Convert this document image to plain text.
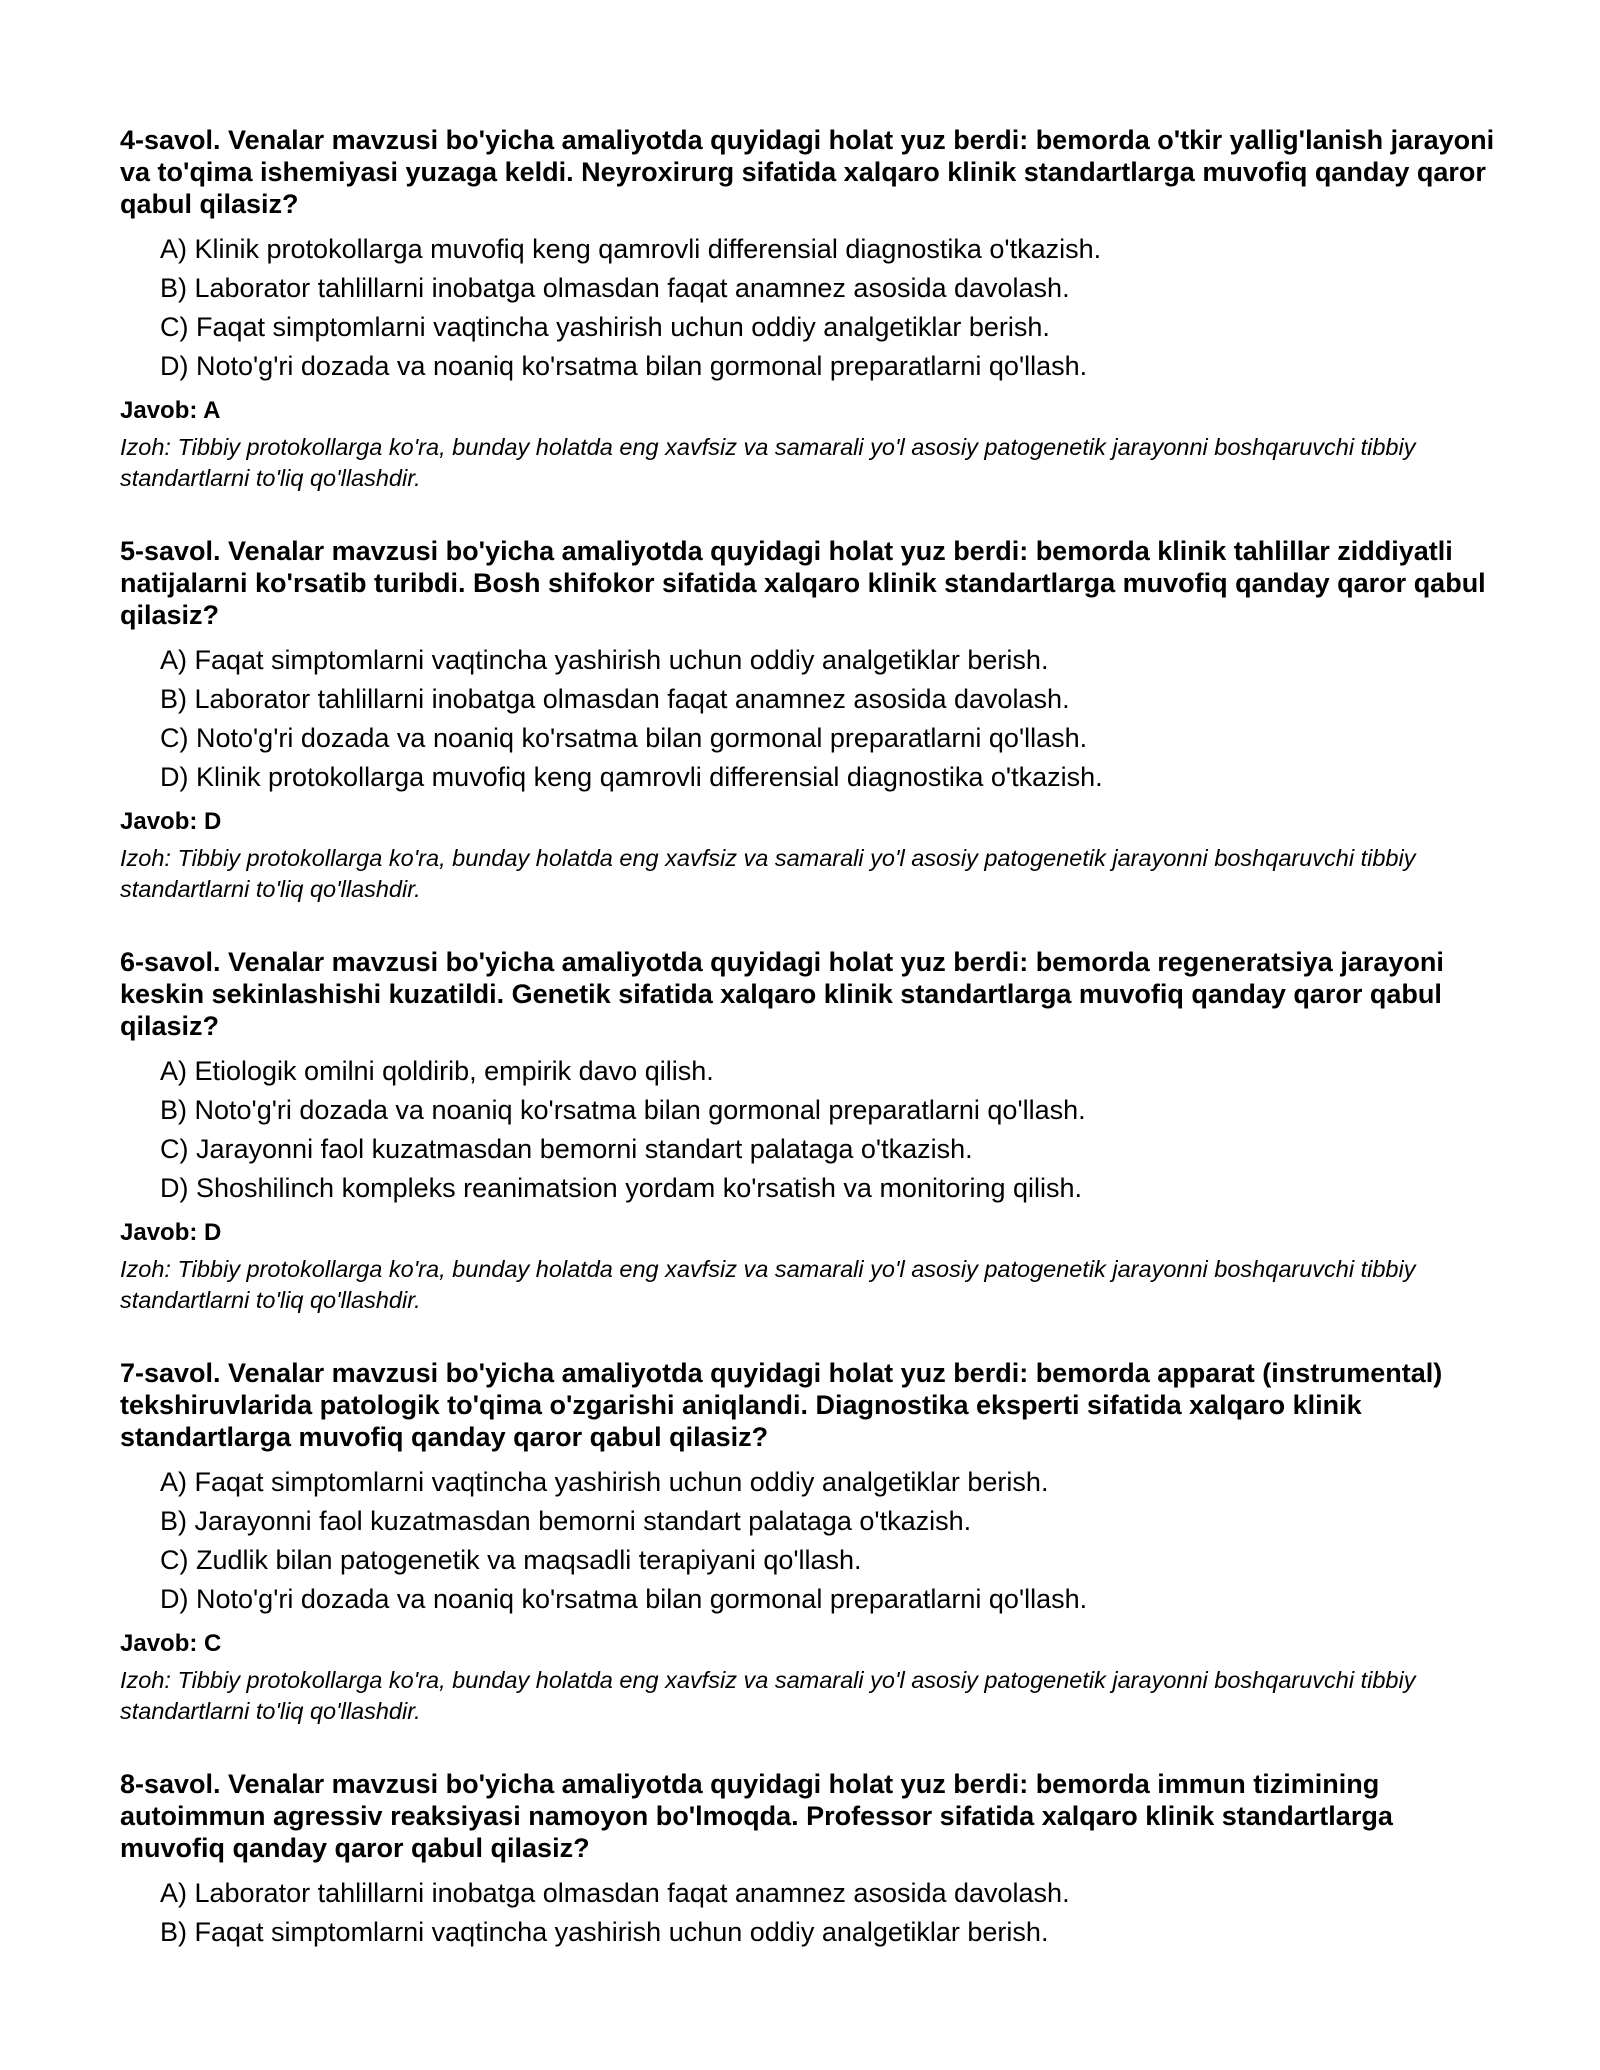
4-savol. Venalar mavzusi bo'yicha amaliyotda quyidagi holat yuz berdi: bemorda o'tkir yallig'lanish jarayoni va to'qima ishemiyasi yuzaga keldi. Neyroxirurg sifatida xalqaro klinik standartlarga muvofiq qanday qaror qabul qilasiz?
A) Klinik protokollarga muvofiq keng qamrovli differensial diagnostika o'tkazish.
B) Laborator tahlillarni inobatga olmasdan faqat anamnez asosida davolash.
C) Faqat simptomlarni vaqtincha yashirish uchun oddiy analgetiklar berish.
D) Noto'g'ri dozada va noaniq ko'rsatma bilan gormonal preparatlarni qo'llash.
Javob: A

Izoh: Tibbiy protokollarga ko'ra, bunday holatda eng xavfsiz va samarali yo'l asosiy patogenetik jarayonni boshqaruvchi tibbiy standartlarni to'liq qo'llashdir.

5-savol. Venalar mavzusi bo'yicha amaliyotda quyidagi holat yuz berdi: bemorda klinik tahlillar ziddiyatli natijalarni ko'rsatib turibdi. Bosh shifokor sifatida xalqaro klinik standartlarga muvofiq qanday qaror qabul qilasiz?
A) Faqat simptomlarni vaqtincha yashirish uchun oddiy analgetiklar berish.
B) Laborator tahlillarni inobatga olmasdan faqat anamnez asosida davolash.
C) Noto'g'ri dozada va noaniq ko'rsatma bilan gormonal preparatlarni qo'llash.
D) Klinik protokollarga muvofiq keng qamrovli differensial diagnostika o'tkazish.
Javob: D

Izoh: Tibbiy protokollarga ko'ra, bunday holatda eng xavfsiz va samarali yo'l asosiy patogenetik jarayonni boshqaruvchi tibbiy standartlarni to'liq qo'llashdir.

6-savol. Venalar mavzusi bo'yicha amaliyotda quyidagi holat yuz berdi: bemorda regeneratsiya jarayoni keskin sekinlashishi kuzatildi. Genetik sifatida xalqaro klinik standartlarga muvofiq qanday qaror qabul qilasiz?
A) Etiologik omilni qoldirib, empirik davo qilish.
B) Noto'g'ri dozada va noaniq ko'rsatma bilan gormonal preparatlarni qo'llash.
C) Jarayonni faol kuzatmasdan bemorni standart palataga o'tkazish.
D) Shoshilinch kompleks reanimatsion yordam ko'rsatish va monitoring qilish.
Javob: D

Izoh: Tibbiy protokollarga ko'ra, bunday holatda eng xavfsiz va samarali yo'l asosiy patogenetik jarayonni boshqaruvchi tibbiy standartlarni to'liq qo'llashdir.

7-savol. Venalar mavzusi bo'yicha amaliyotda quyidagi holat yuz berdi: bemorda apparat (instrumental) tekshiruvlarida patologik to'qima o'zgarishi aniqlandi. Diagnostika eksperti sifatida xalqaro klinik standartlarga muvofiq qanday qaror qabul qilasiz?
A) Faqat simptomlarni vaqtincha yashirish uchun oddiy analgetiklar berish.
B) Jarayonni faol kuzatmasdan bemorni standart palataga o'tkazish.
C) Zudlik bilan patogenetik va maqsadli terapiyani qo'llash.
D) Noto'g'ri dozada va noaniq ko'rsatma bilan gormonal preparatlarni qo'llash.
Javob: C

Izoh: Tibbiy protokollarga ko'ra, bunday holatda eng xavfsiz va samarali yo'l asosiy patogenetik jarayonni boshqaruvchi tibbiy standartlarni to'liq qo'llashdir.

8-savol. Venalar mavzusi bo'yicha amaliyotda quyidagi holat yuz berdi: bemorda immun tizimining autoimmun agressiv reaksiyasi namoyon bo'lmoqda. Professor sifatida xalqaro klinik standartlarga muvofiq qanday qaror qabul qilasiz?
A) Laborator tahlillarni inobatga olmasdan faqat anamnez asosida davolash.
B) Faqat simptomlarni vaqtincha yashirish uchun oddiy analgetiklar berish.
